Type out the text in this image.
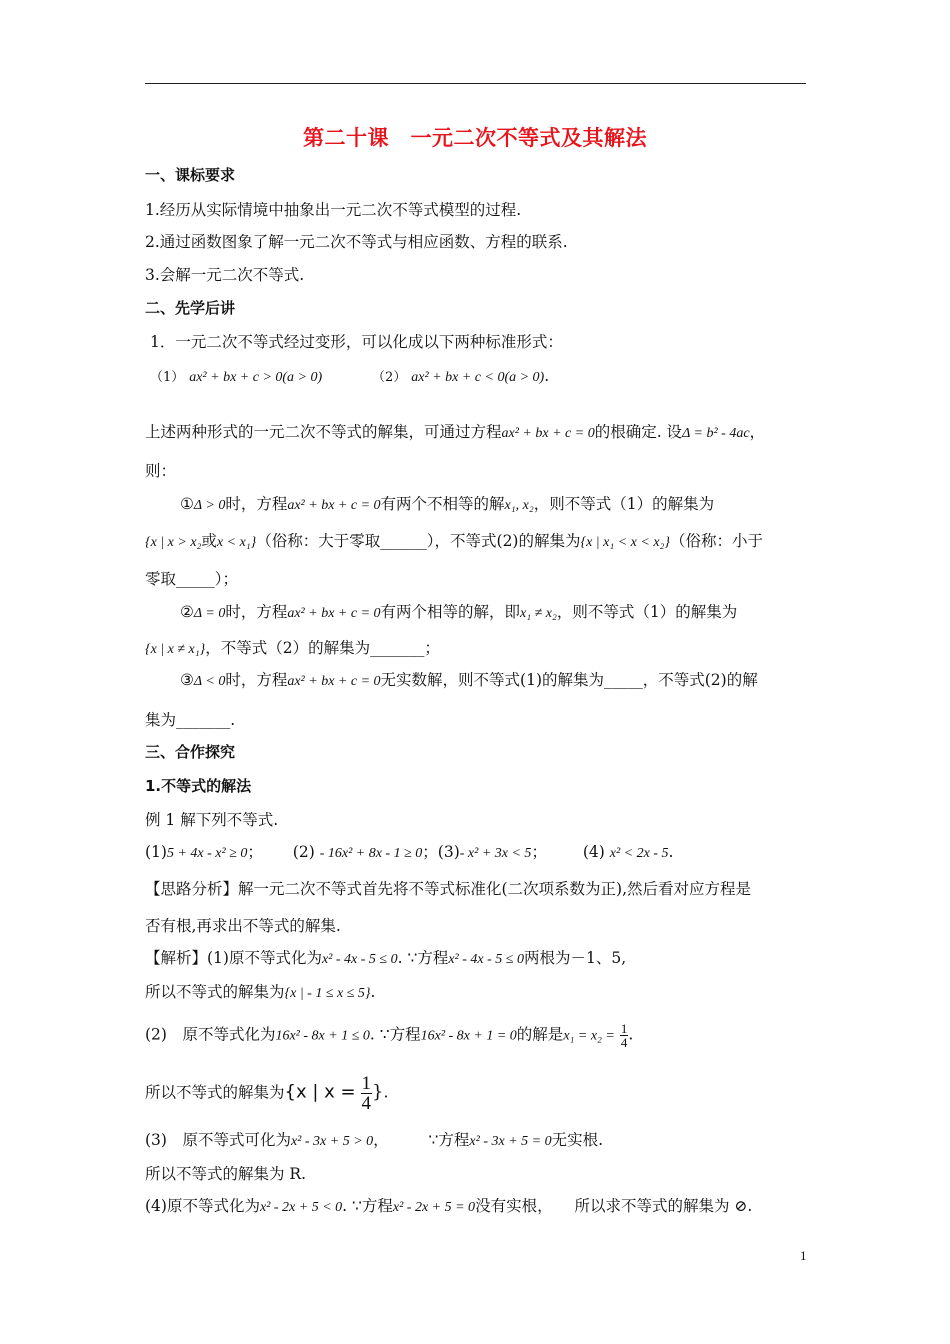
第二十课　一元二次不等式及其解法
一、课标要求
1.经历从实际情境中抽象出一元二次不等式模型的过程.
2.通过函数图象了解一元二次不等式与相应函数、方程的联系.
3.会解一元二次不等式.
二、先学后讲
1．一元二次不等式经过变形，可以化成以下两种标准形式：
（1） ax² + bx + c > 0(a > 0)	（2） ax² + bx + c < 0(a > 0).
上述两种形式的一元二次不等式的解集，可通过方程ax² + bx + c = 0的根确定. 设Δ = b² - 4ac，
则：
①Δ > 0时，方程ax² + bx + c = 0有两个不相等的解x₁, x₂，则不等式（1）的解集为
{x | x > x₂或x < x₁}（俗称：大于零取______），不等式(2)的解集为{x | x₁ < x < x₂}（俗称：小于
零取_____）；
②Δ = 0时，方程ax² + bx + c = 0有两个相等的解，即x₁ ≠ x₂，则不等式（1）的解集为
{x | x ≠ x₁}，不等式（2）的解集为_______；
③Δ < 0时，方程ax² + bx + c = 0无实数解，则不等式(1)的解集为_____，不等式(2)的解
集为_______.
三、合作探究
1.不等式的解法
例 1 解下列不等式.
(1)5 + 4x - x² ≥ 0； (2) - 16x² + 8x - 1 ≥ 0；(3)- x² + 3x < 5； (4) x² < 2x - 5.
【思路分析】解一元二次不等式首先将不等式标准化(二次项系数为正),然后看对应方程是
否有根,再求出不等式的解集.
【解析】(1)原不等式化为x² - 4x - 5 ≤ 0. ∵方程x² - 4x - 5 ≤ 0两根为－1、5,
所以不等式的解集为{x | - 1 ≤ x ≤ 5}.
(2)　原不等式化为16x² - 8x + 1 ≤ 0. ∵方程16x² - 8x + 1 = 0的解是$x_1 = x_2 = \frac{1}{4}$ .
所以不等式的解集为{x | $x = \frac{1}{4}$ }.
(3)　原不等式可化为x² - 3x + 5 > 0，	∵方程x² - 3x + 5 = 0无实根.
所以不等式的解集为 R.
(4)原不等式化为x² - 2x + 5 < 0. ∵方程x² - 2x + 5 = 0没有实根， 所以求不等式的解集为 ⊘.
1
